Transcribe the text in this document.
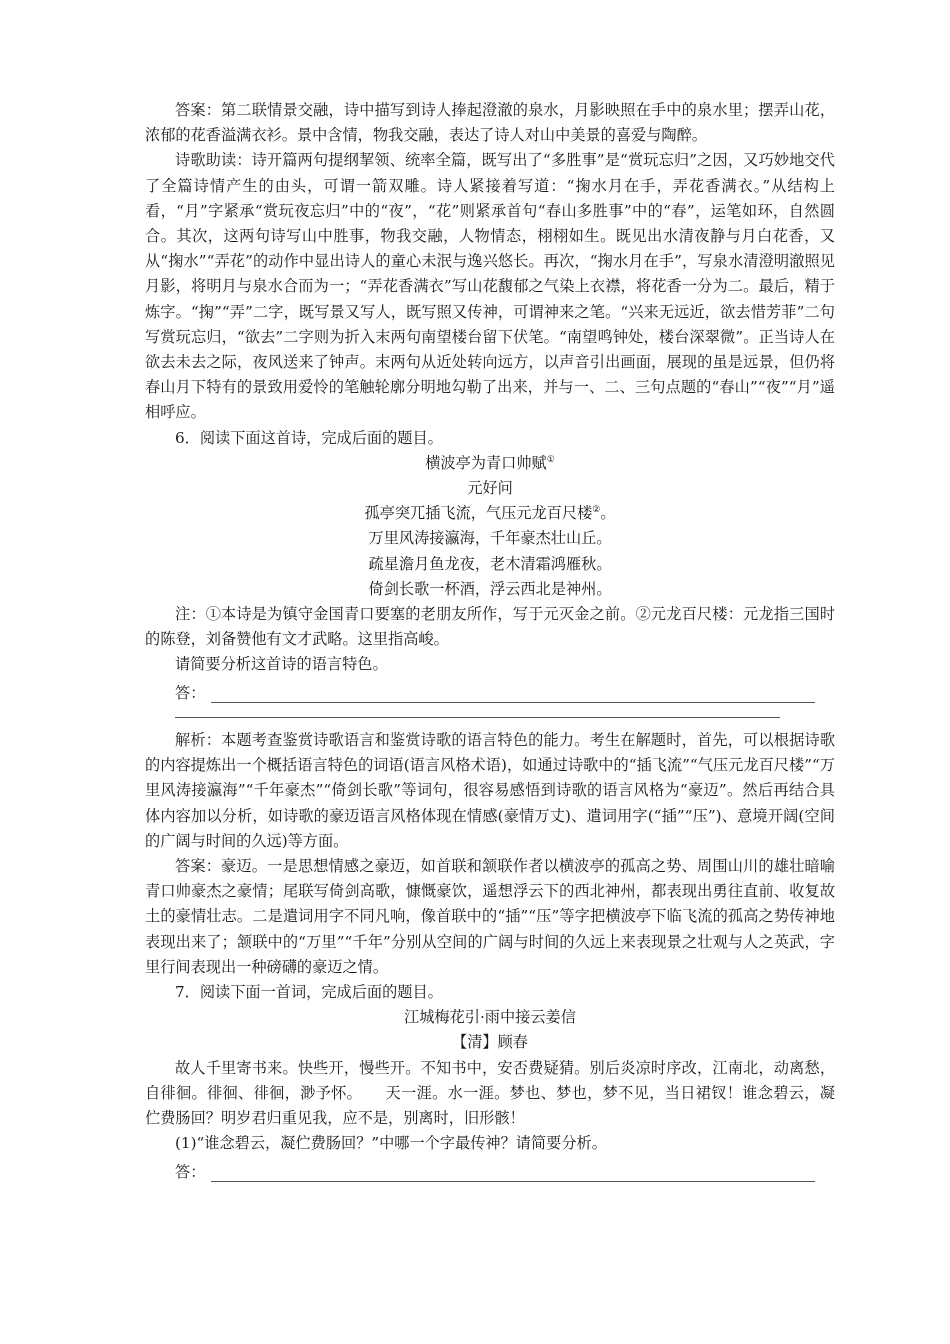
答案：第二联情景交融，诗中描写到诗人捧起澄澈的泉水，月影映照在手中的泉水里；摆弄山花，浓郁的花香溢满衣衫。景中含情，物我交融，表达了诗人对山中美景的喜爱与陶醉。

诗歌助读：诗开篇两句提纲挈领、统率全篇，既写出了“多胜事”是“赏玩忘归”之因，又巧妙地交代了全篇诗情产生的由头，可谓一箭双雕。诗人紧接着写道：“掬水月在手，弄花香满衣。”从结构上看，“月”字紧承“赏玩夜忘归”中的“夜”，“花”则紧承首句“春山多胜事”中的“春”，运笔如环，自然圆合。其次，这两句诗写山中胜事，物我交融，人物情态，栩栩如生。既见出水清夜静与月白花香，又从“掬水”“弄花”的动作中显出诗人的童心未泯与逸兴悠长。再次，“掬水月在手”，写泉水清澄明澈照见月影，将明月与泉水合而为一；“弄花香满衣”写山花馥郁之气染上衣襟，将花香一分为二。最后，精于炼字。“掬”“弄”二字，既写景又写人，既写照又传神，可谓神来之笔。“兴来无远近，欲去惜芳菲”二句写赏玩忘归，“欲去”二字则为折入末两句南望楼台留下伏笔。“南望鸣钟处，楼台深翠微”。正当诗人在欲去未去之际，夜风送来了钟声。末两句从近处转向远方，以声音引出画面，展现的虽是远景，但仍将春山月下特有的景致用爱怜的笔触轮廓分明地勾勒了出来，并与一、二、三句点题的“春山”“夜”“月”遥相呼应。

6．阅读下面这首诗，完成后面的题目。

横波亭为青口帅赋①

元好问

孤亭突兀插飞流，气压元龙百尺楼②。

万里风涛接瀛海，千年豪杰壮山丘。

疏星澹月鱼龙夜，老木清霜鸿雁秋。

倚剑长歌一杯酒，浮云西北是神州。

注：①本诗是为镇守金国青口要塞的老朋友所作，写于元灭金之前。②元龙百尺楼：元龙指三国时的陈登，刘备赞他有文才武略。这里指高峻。

请简要分析这首诗的语言特色。

答：

解析：本题考查鉴赏诗歌语言和鉴赏诗歌的语言特色的能力。考生在解题时，首先，可以根据诗歌的内容提炼出一个概括语言特色的词语(语言风格术语)，如通过诗歌中的“插飞流”“气压元龙百尺楼”“万里风涛接瀛海”“千年豪杰”“倚剑长歌”等词句，很容易感悟到诗歌的语言风格为“豪迈”。然后再结合具体内容加以分析，如诗歌的豪迈语言风格体现在情感(豪情万丈)、遣词用字(“插”“压”)、意境开阔(空间的广阔与时间的久远)等方面。

答案：豪迈。一是思想情感之豪迈，如首联和颔联作者以横波亭的孤高之势、周围山川的雄壮暗喻青口帅豪杰之豪情；尾联写倚剑高歌，慷慨豪饮，遥想浮云下的西北神州，都表现出勇往直前、收复故土的豪情壮志。二是遣词用字不同凡响，像首联中的“插”“压”等字把横波亭下临飞流的孤高之势传神地表现出来了；颔联中的“万里”“千年”分别从空间的广阔与时间的久远上来表现景之壮观与人之英武，字里行间表现出一种磅礴的豪迈之情。

7．阅读下面一首词，完成后面的题目。

江城梅花引·雨中接云姜信

【清】顾春

故人千里寄书来。快些开，慢些开。不知书中，安否费疑猜。别后炎凉时序改，江南北，动离愁，自徘徊。徘徊、徘徊，渺予怀。　　天一涯。水一涯。梦也、梦也，梦不见，当日裙钗！谁念碧云，凝伫费肠回？明岁君归重见我，应不是，别离时，旧形骸！

(1)“谁念碧云，凝伫费肠回？”中哪一个字最传神？请简要分析。

答：
